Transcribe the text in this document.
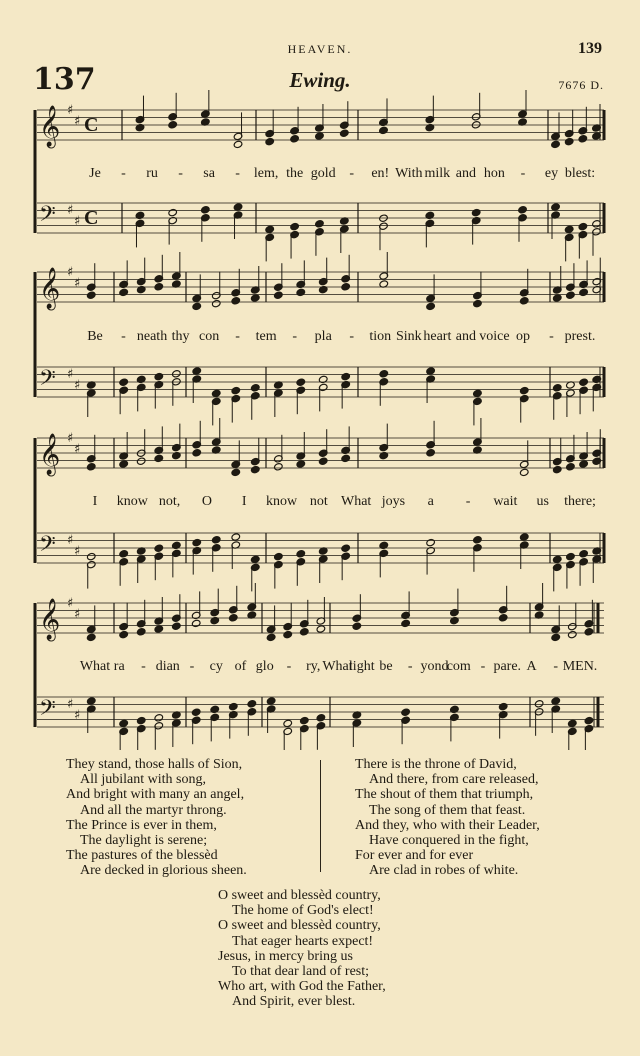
HEAVEN.	139
137	Ewing.	7676 D.
𝄞 ♯
♯ C
𝄢 ♯
♯ C
𝄞 ♯
♯
𝄢 ♯
♯
𝄞 ♯
♯
𝄢 ♯
♯
𝄞 ♯
♯
𝄢 ♯
♯
Je - ru - sa - lem, the gold - en! With milk and hon - ey blest:
Be - neath thy con - tem - pla - tion Sink heart and voice op - prest.
I know not, O I know not What joys a - wait us there;
What ra - dian - cy of glo - ry, What
light be - yond
com - pare. A - MEN.
They stand, those halls of Sion,
All jubilant with song,
And bright with many an angel,
And all the martyr throng.
The Prince is ever in them,
The daylight is serene;
The pastures of the blessèd
Are decked in glorious sheen.
There is the throne of David,
And there, from care released,
The shout of them that triumph,
The song of them that feast.
And they, who with their Leader,
Have conquered in the fight,
For ever and for ever
Are clad in robes of white.
O sweet and blessèd country,
The home of God's elect!
O sweet and blessèd country,
That eager hearts expect!
Jesus, in mercy bring us
To that dear land of rest;
Who art, with God the Father,
And Spirit, ever blest.
